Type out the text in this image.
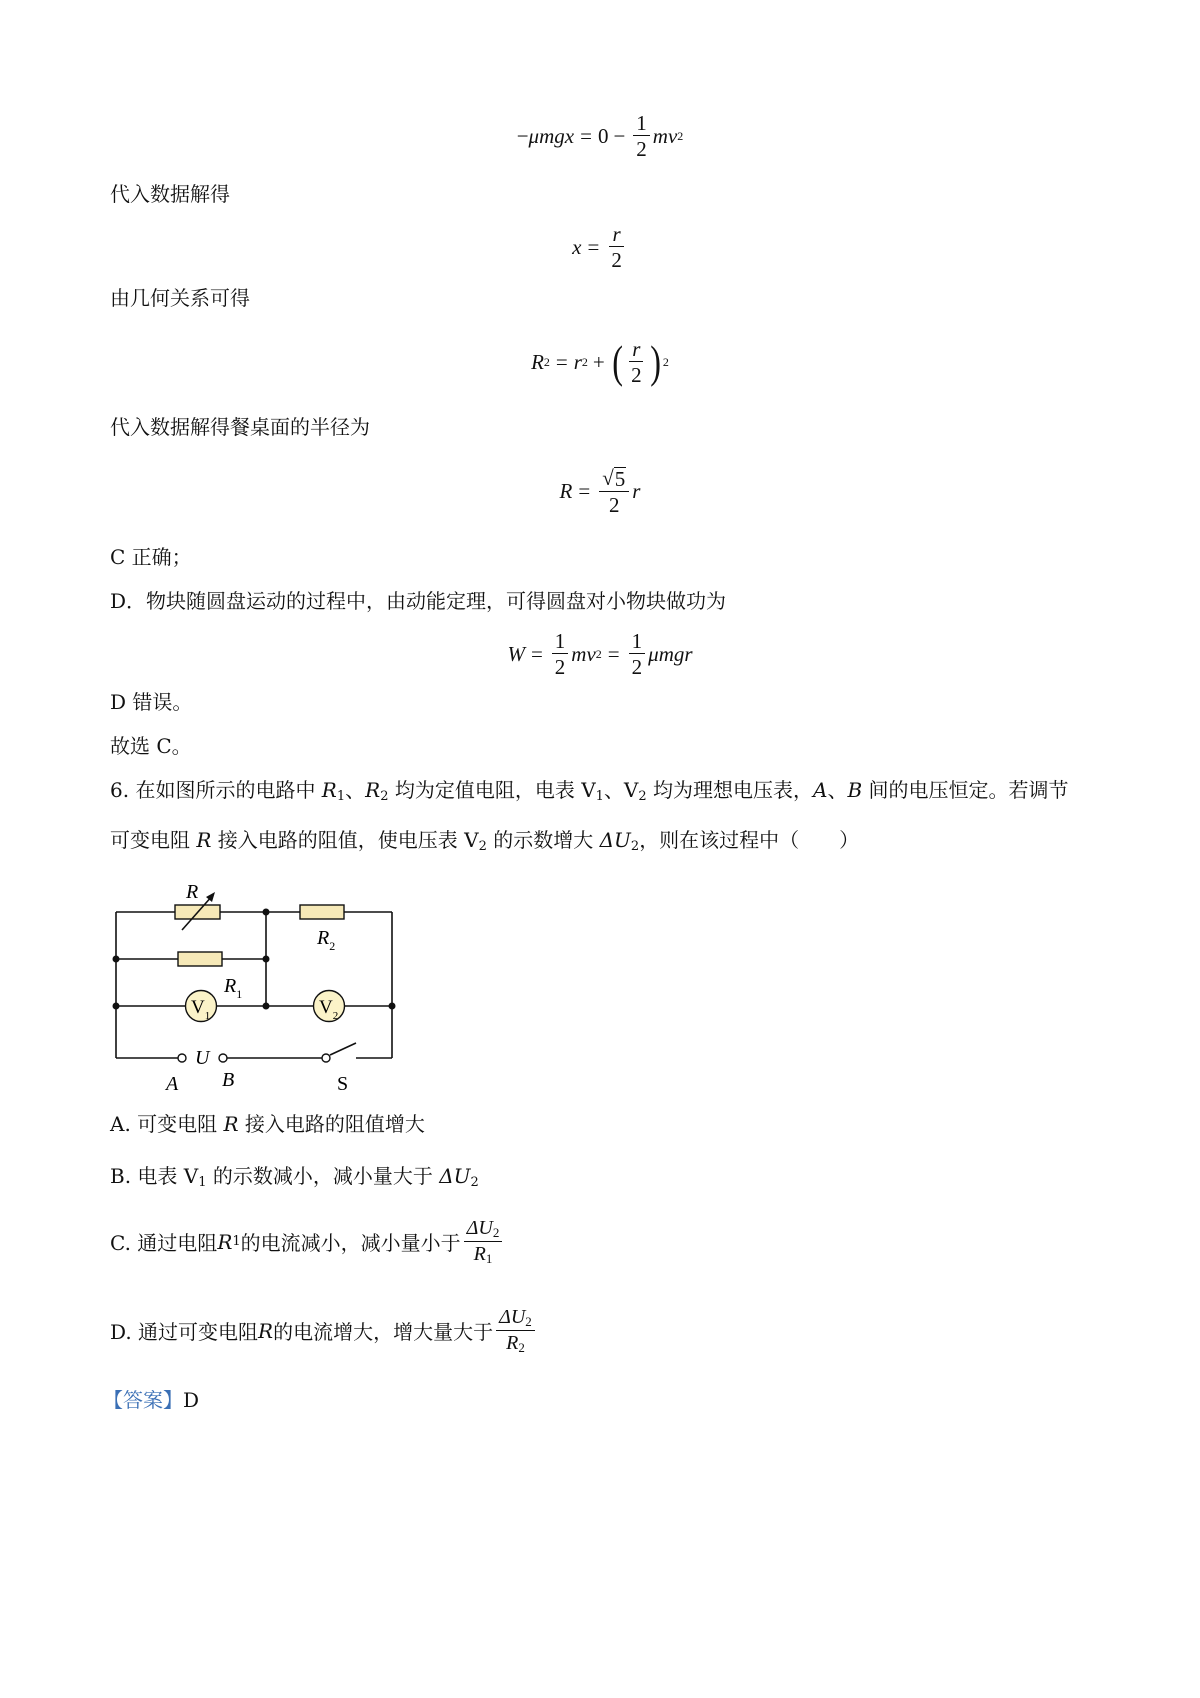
− μ mgx = $0 - \frac{1}{2}$ mv 2
代入数据解得
$x = \frac{r}{2}$
由几何关系可得
R 2 = r 2 + ( $\frac{r}{2}$ ) 2
代入数据解得餐桌面的半径为
$R = \frac{√ 5}{2}$ r
C 正确；
D．物块随圆盘运动的过程中，由动能定理，可得圆盘对小物块做功为
$W = \frac{1}{2}$ mv $2 = \frac{1}{2}$ μ mgr
D 错误。
故选 C。
6. 在如图所示的电路中 $R_1$、$R_2$ 均为定值电阻，电表 $V_1$、$V_2$ 均为理想电压表，A、B 间的电压恒定。若调节
可变电阻 R 接入电路的阻值，使电压表 $V_2$ 的示数增大 $\Delta U_2$，则在该过程中（　　）
R
$R_2$
$R_1$
$V_1$	$V_2$
U
A B	S
A. 可变电阻 R 接入电路的阻值增大
B. 电表 $V_1$ 的示数减小，减小量大于 $\Delta U_2$
C. 通过电阻 R 1 的电流减小，减小量小于 $\frac{\Delta U_2}{R_1}$
D. 通过可变电阻 R 的电流增大，增大量大于 $\frac{\Delta U_2}{R_2}$
【答案】D
